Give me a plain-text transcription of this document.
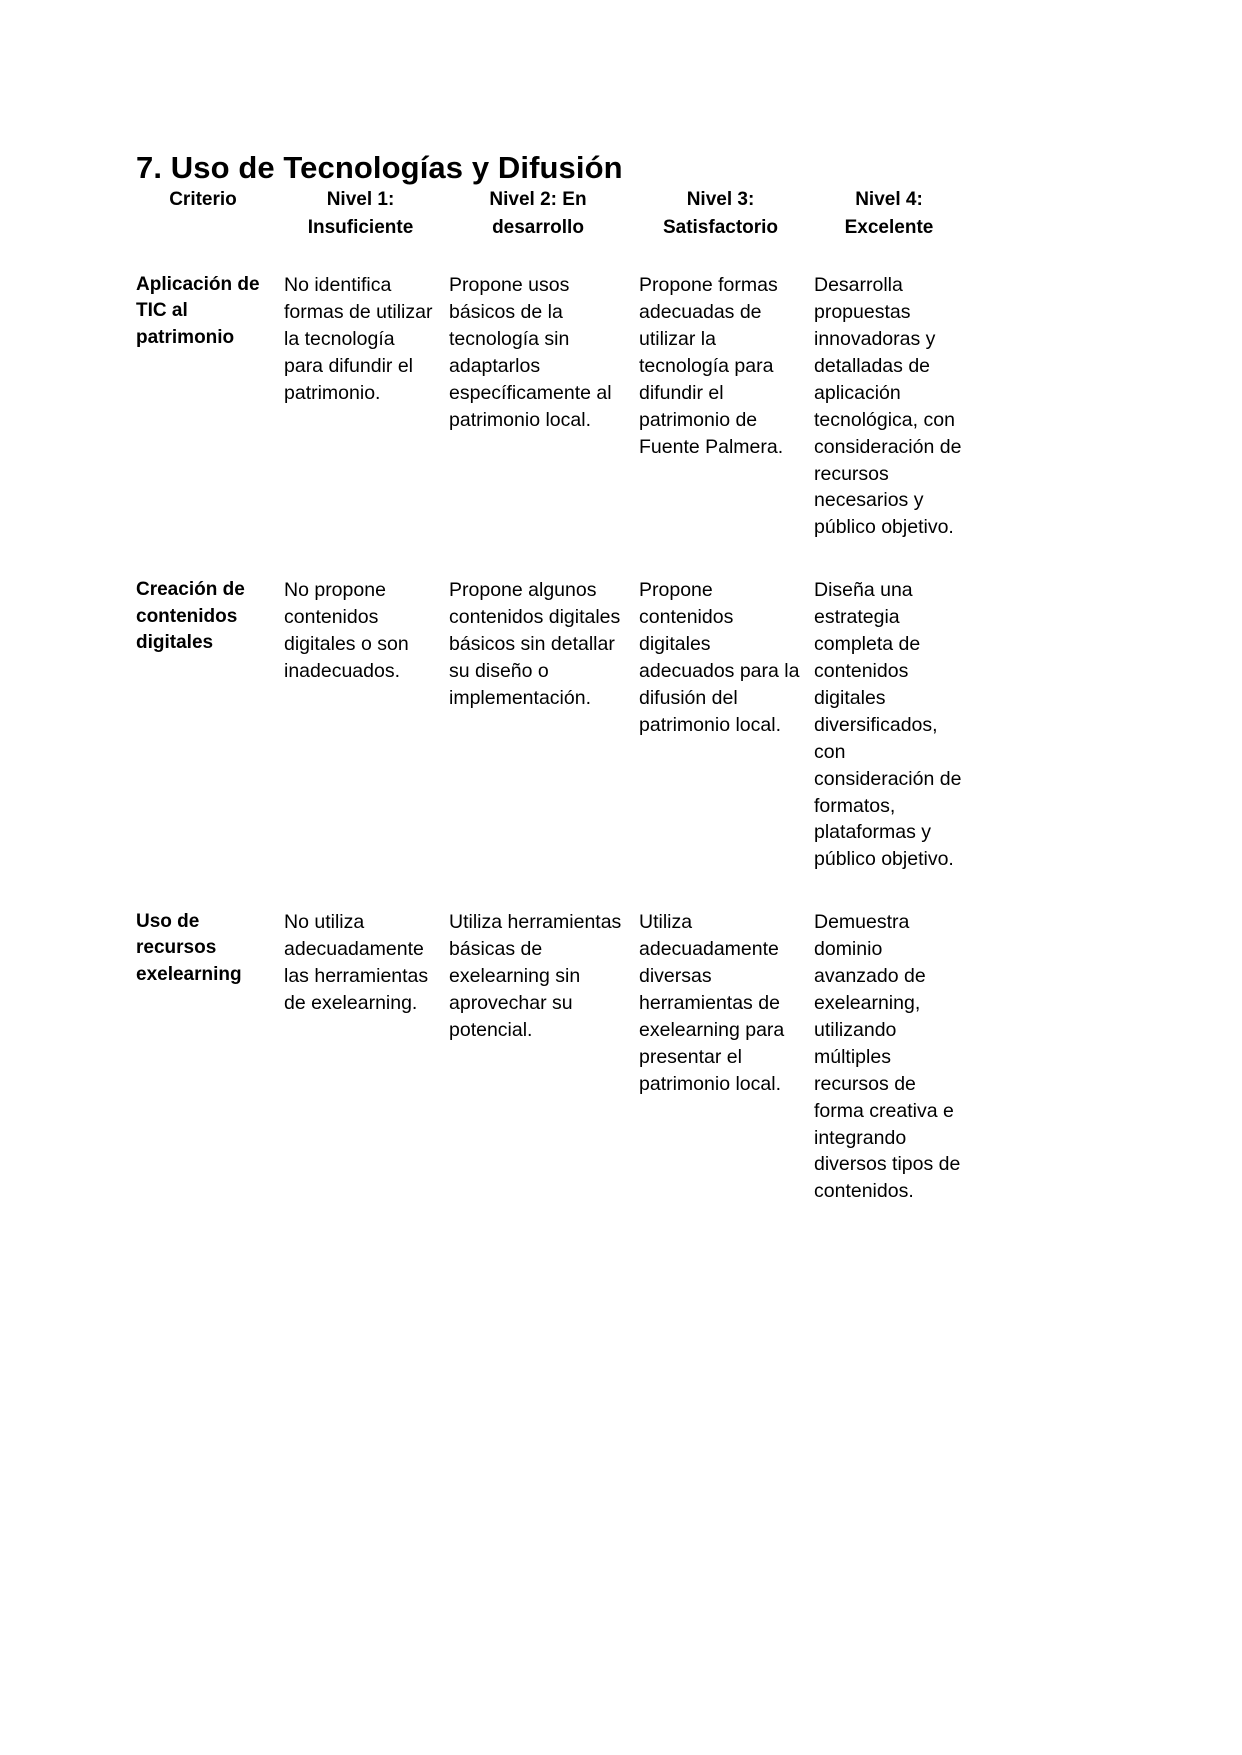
7. Uso de Tecnologías y Difusión
Criterio	Nivel 1: Insuficiente	Nivel 2: En desarrollo	Nivel 3: Satisfactorio	Nivel 4: Excelente
Aplicación de TIC al patrimonio	No identifica formas de utilizar la tecnología para difundir el patrimonio.	Propone usos básicos de la tecnología sin adaptarlos específicamente al patrimonio local.	Propone formas adecuadas de utilizar la tecnología para difundir el patrimonio de Fuente Palmera.	Desarrolla propuestas innovadoras y detalladas de aplicación tecnológica, con consideración de recursos necesarios y público objetivo.
Creación de contenidos digitales	No propone contenidos digitales o son inadecuados.	Propone algunos contenidos digitales básicos sin detallar su diseño o implementación.	Propone contenidos digitales adecuados para la difusión del patrimonio local.	Diseña una estrategia completa de contenidos digitales diversificados, con consideración de formatos, plataformas y público objetivo.
Uso de recursos exelearning	No utiliza adecuadamente las herramientas de exelearning.	Utiliza herramientas básicas de exelearning sin aprovechar su potencial.	Utiliza adecuadamente diversas herramientas de exelearning para presentar el patrimonio local.	Demuestra dominio avanzado de exelearning, utilizando múltiples recursos de forma creativa e integrando diversos tipos de contenidos.
